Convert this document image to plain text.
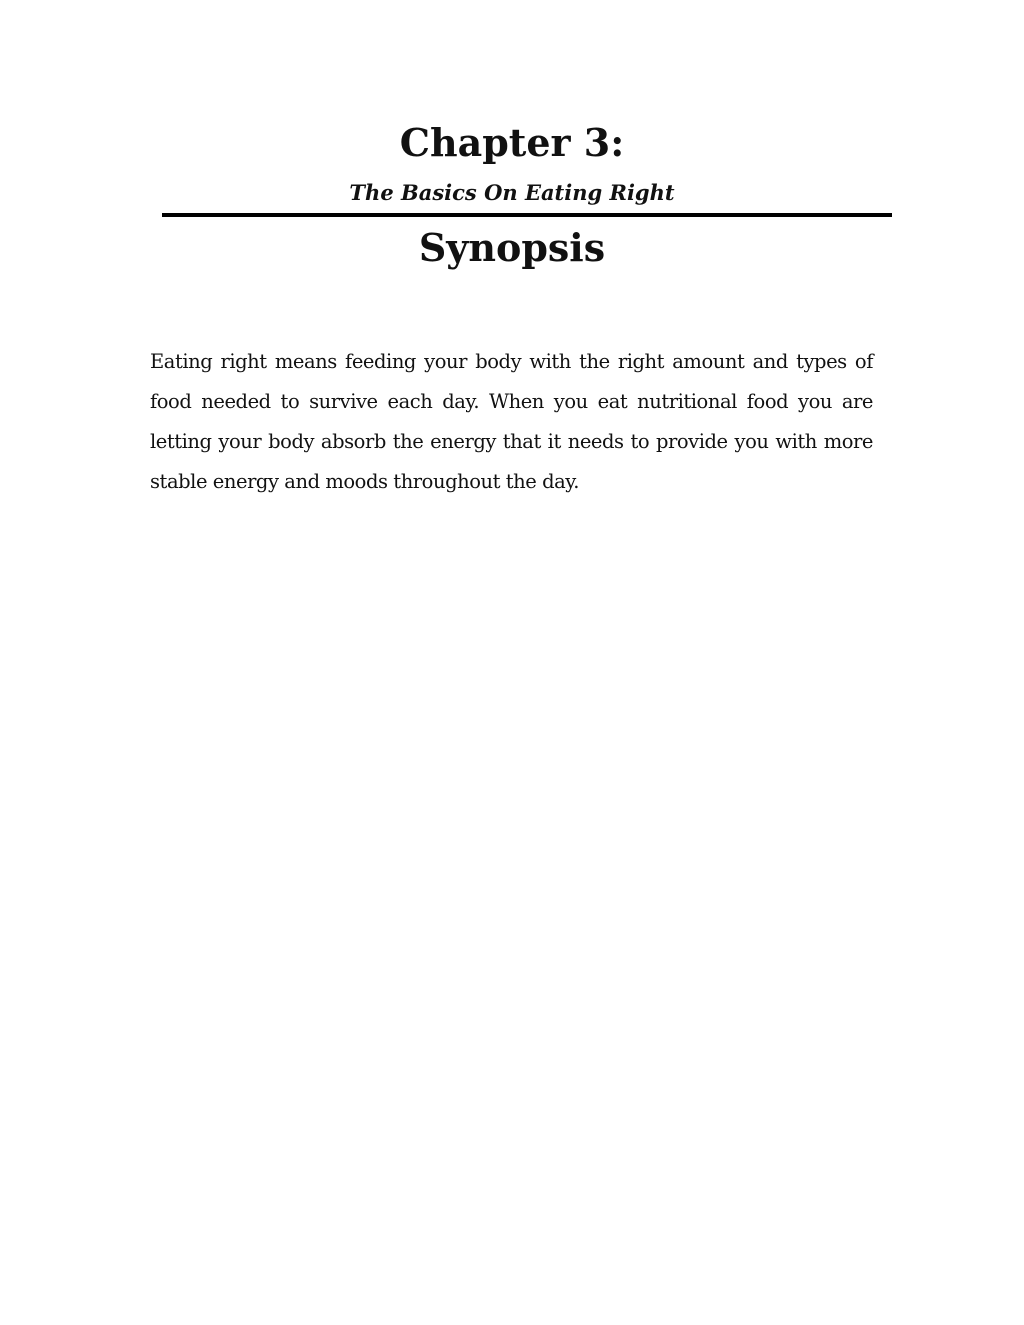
Chapter 3:
The Basics On Eating Right
Synopsis

Eating right means feeding your body with the right amount and types of food needed to survive each day. When you eat nutritional food you are letting your body absorb the energy that it needs to provide you with more stable energy and moods throughout the day.
